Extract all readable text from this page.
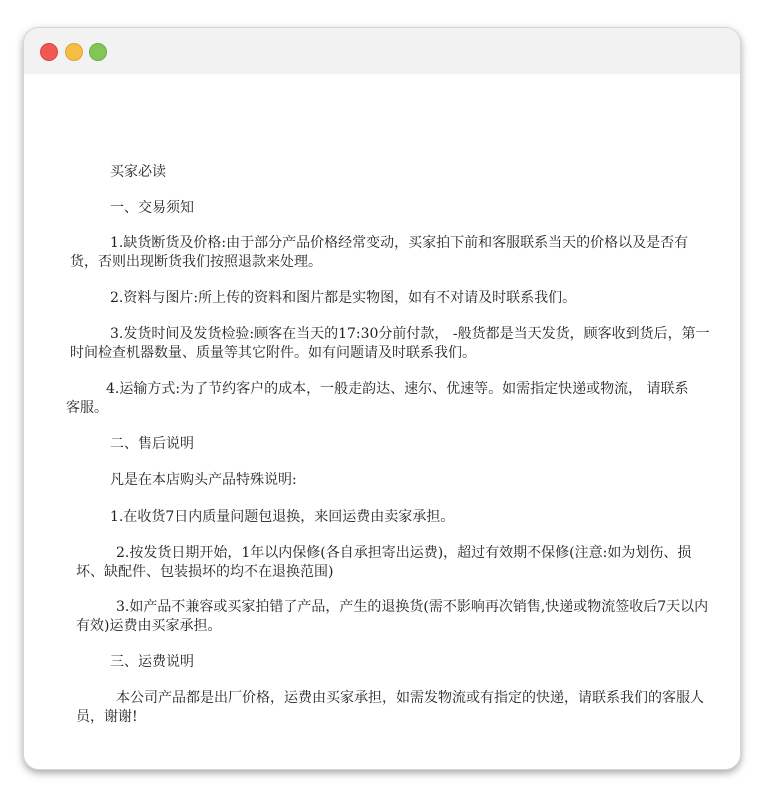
买家必读
一、交易须知
1.缺货断货及价格:由于部分产品价格经常变动，买家拍下前和客服联系当天的价格以及是否有货，否则出现断货我们按照退款来处理。
2.资料与图片:所上传的资料和图片都是实物图，如有不对请及时联系我们。
3.发货时间及发货检验:顾客在当天的17:30分前付款， -般货都是当天发货，顾客收到货后，第一时间检查机器数量、质量等其它附件。如有问题请及时联系我们。
4.运输方式:为了节约客户的成本，一般走韵达、速尔、优速等。如需指定快递或物流， 请联系客服。
二、售后说明
凡是在本店购头产品特殊说明:
1.在收货7日内质量问题包退换，来回运费由卖家承担。
2.按发货日期开始，1年以内保修(各自承担寄出运费)，超过有效期不保修(注意:如为划伤、损坏、缺配件、包装损坏的均不在退换范围)
3.如产品不兼容或买家拍错了产品，产生的退换货(需不影响再次销售,快递或物流签收后7天以内有效)运费由买家承担。
三、运费说明
本公司产品都是出厂价格，运费由买家承担，如需发物流或有指定的快递，请联系我们的客服人员，谢谢!
